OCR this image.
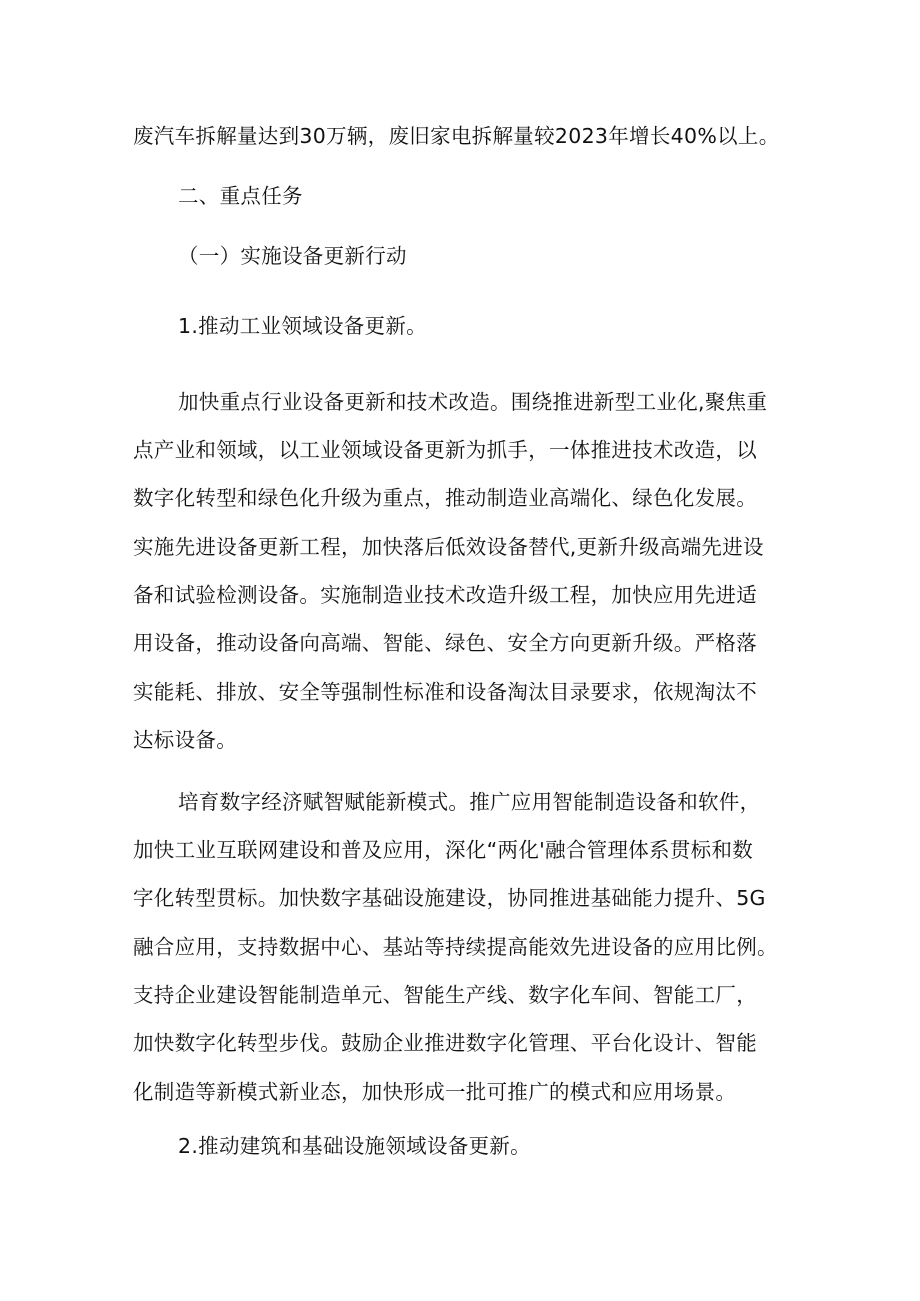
废汽车拆解量达到30万辆，废旧家电拆解量较2023年增长40%以上。

二、重点任务

（一）实施设备更新行动

1.推动工业领域设备更新。

加快重点行业设备更新和技术改造。围绕推进新型工业化,聚焦重

点产业和领域，以工业领域设备更新为抓手，一体推进技术改造，以

数字化转型和绿色化升级为重点，推动制造业高端化、绿色化发展。

实施先进设备更新工程，加快落后低效设备替代,更新升级高端先进设

备和试验检测设备。实施制造业技术改造升级工程，加快应用先进适

用设备，推动设备向高端、智能、绿色、安全方向更新升级。严格落

实能耗、排放、安全等强制性标准和设备淘汰目录要求，依规淘汰不

达标设备。

培育数字经济赋智赋能新模式。推广应用智能制造设备和软件，

加快工业互联网建设和普及应用，深化“两化'融合管理体系贯标和数

字化转型贯标。加快数字基础设施建设，协同推进基础能力提升、5G

融合应用，支持数据中心、基站等持续提高能效先进设备的应用比例。

支持企业建设智能制造单元、智能生产线、数字化车间、智能工厂，

加快数字化转型步伐。鼓励企业推进数字化管理、平台化设计、智能

化制造等新模式新业态，加快形成一批可推广的模式和应用场景。

2.推动建筑和基础设施领域设备更新。
